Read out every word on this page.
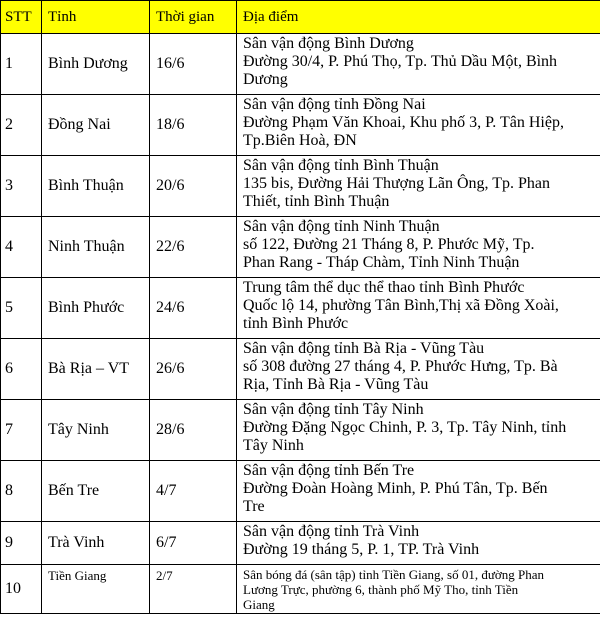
STT	Tỉnh	Thời gian	Địa điểm
1	Bình Dương	16/6	Sân vận động Bình Dương
Đường 30/4, P. Phú Thọ, Tp. Thủ Dầu Một, Bình
Dương

2	Đồng Nai	18/6	Sân vận động tỉnh Đồng Nai
Đường Phạm Văn Khoai, Khu phố 3, P. Tân Hiệp,
Tp.Biên Hoà, ĐN

3	Bình Thuận	20/6	Sân vận động tỉnh Bình Thuận
135 bis, Đường Hải Thượng Lãn Ông, Tp. Phan
Thiết, tỉnh Bình Thuận

4	Ninh Thuận	22/6	Sân vận động tỉnh Ninh Thuận
số 122, Đường 21 Tháng 8, P. Phước Mỹ, Tp.
Phan Rang - Tháp Chàm, Tỉnh Ninh Thuận

5	Bình Phước	24/6	Trung tâm thể dục thể thao tỉnh Bình Phước
Quốc lộ 14, phường Tân Bình,Thị xã Đồng Xoài,
tỉnh Bình Phước

6	Bà Rịa – VT	26/6	Sân vận động tỉnh Bà Rịa - Vũng Tàu
số 308 đường 27 tháng 4, P. Phước Hưng, Tp. Bà
Rịa, Tỉnh Bà Rịa - Vũng Tàu

7	Tây Ninh	28/6	Sân vận động tỉnh Tây Ninh
Đường Đặng Ngọc Chinh, P. 3, Tp. Tây Ninh, tỉnh
Tây Ninh

8	Bến Tre	4/7	Sân vận động tỉnh Bến Tre
Đường Đoàn Hoàng Minh, P. Phú Tân, Tp. Bến
Tre

9	Trà Vinh	6/7	Sân vận động tỉnh Trà Vinh
Đường 19 tháng 5, P. 1, TP. Trà Vinh

10	Tiền Giang	2/7	Sân bóng đá (sân tập) tỉnh Tiền Giang, số 01, đường Phan
Lương Trực, phường 6, thành phố Mỹ Tho, tỉnh Tiền
Giang
